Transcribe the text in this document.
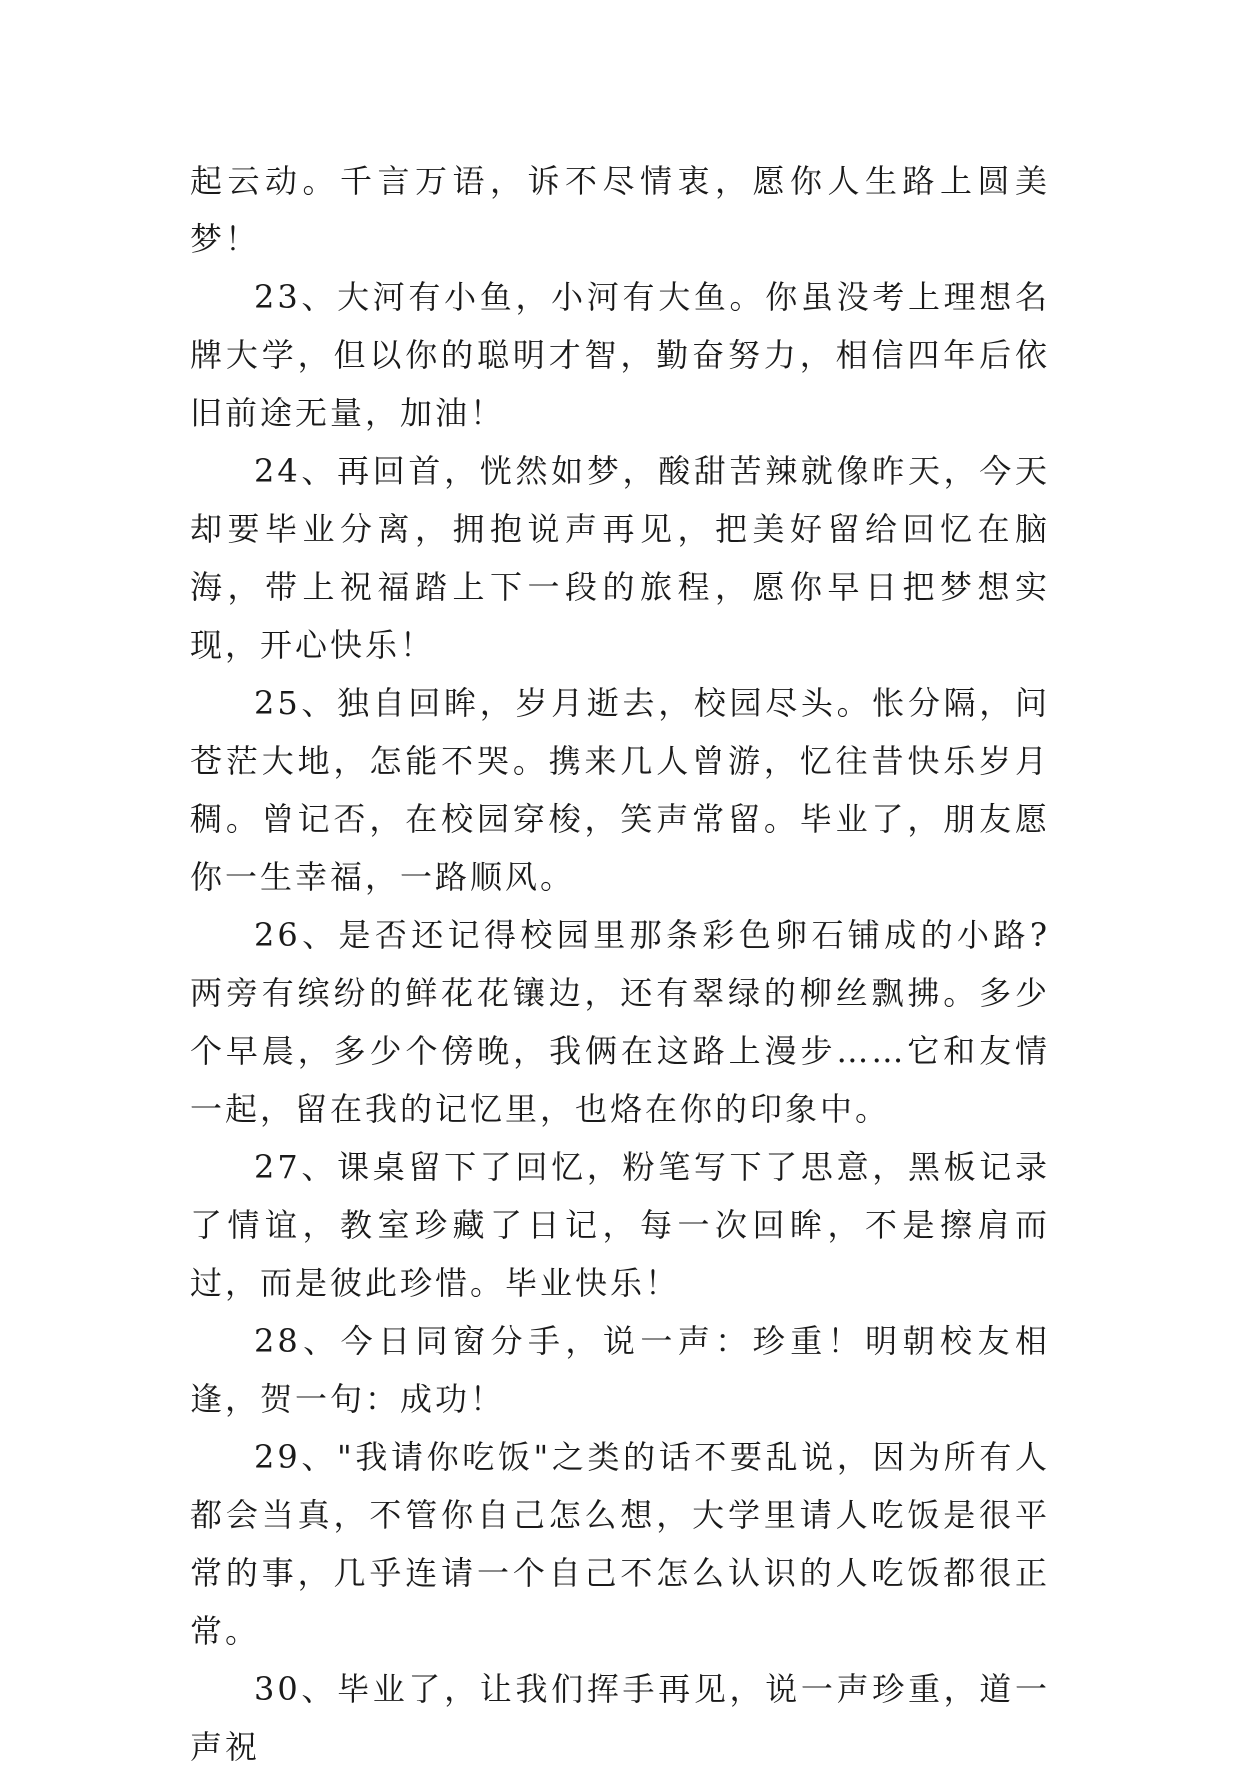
起云动。千言万语，诉不尽情衷，愿你人生路上圆美梦！

23、大河有小鱼，小河有大鱼。你虽没考上理想名牌大学，但以你的聪明才智，勤奋努力，相信四年后依旧前途无量，加油！

24、再回首，恍然如梦，酸甜苦辣就像昨天，今天却要毕业分离，拥抱说声再见，把美好留给回忆在脑海，带上祝福踏上下一段的旅程，愿你早日把梦想实现，开心快乐！

25、独自回眸，岁月逝去，校园尽头。怅分隔，问苍茫大地，怎能不哭。携来几人曾游，忆往昔快乐岁月稠。曾记否，在校园穿梭，笑声常留。毕业了，朋友愿你一生幸福，一路顺风。

26、是否还记得校园里那条彩色卵石铺成的小路?两旁有缤纷的鲜花花镶边，还有翠绿的柳丝飘拂。多少个早晨，多少个傍晚，我俩在这路上漫步……它和友情一起，留在我的记忆里，也烙在你的印象中。

27、课桌留下了回忆，粉笔写下了思意，黑板记录了情谊，教室珍藏了日记，每一次回眸，不是擦肩而过，而是彼此珍惜。毕业快乐！

28、今日同窗分手，说一声：珍重！明朝校友相逢，贺一句：成功！

29、"我请你吃饭"之类的话不要乱说，因为所有人都会当真，不管你自己怎么想，大学里请人吃饭是很平常的事，几乎连请一个自己不怎么认识的人吃饭都很正常。

30、毕业了，让我们挥手再见，说一声珍重，道一声祝
